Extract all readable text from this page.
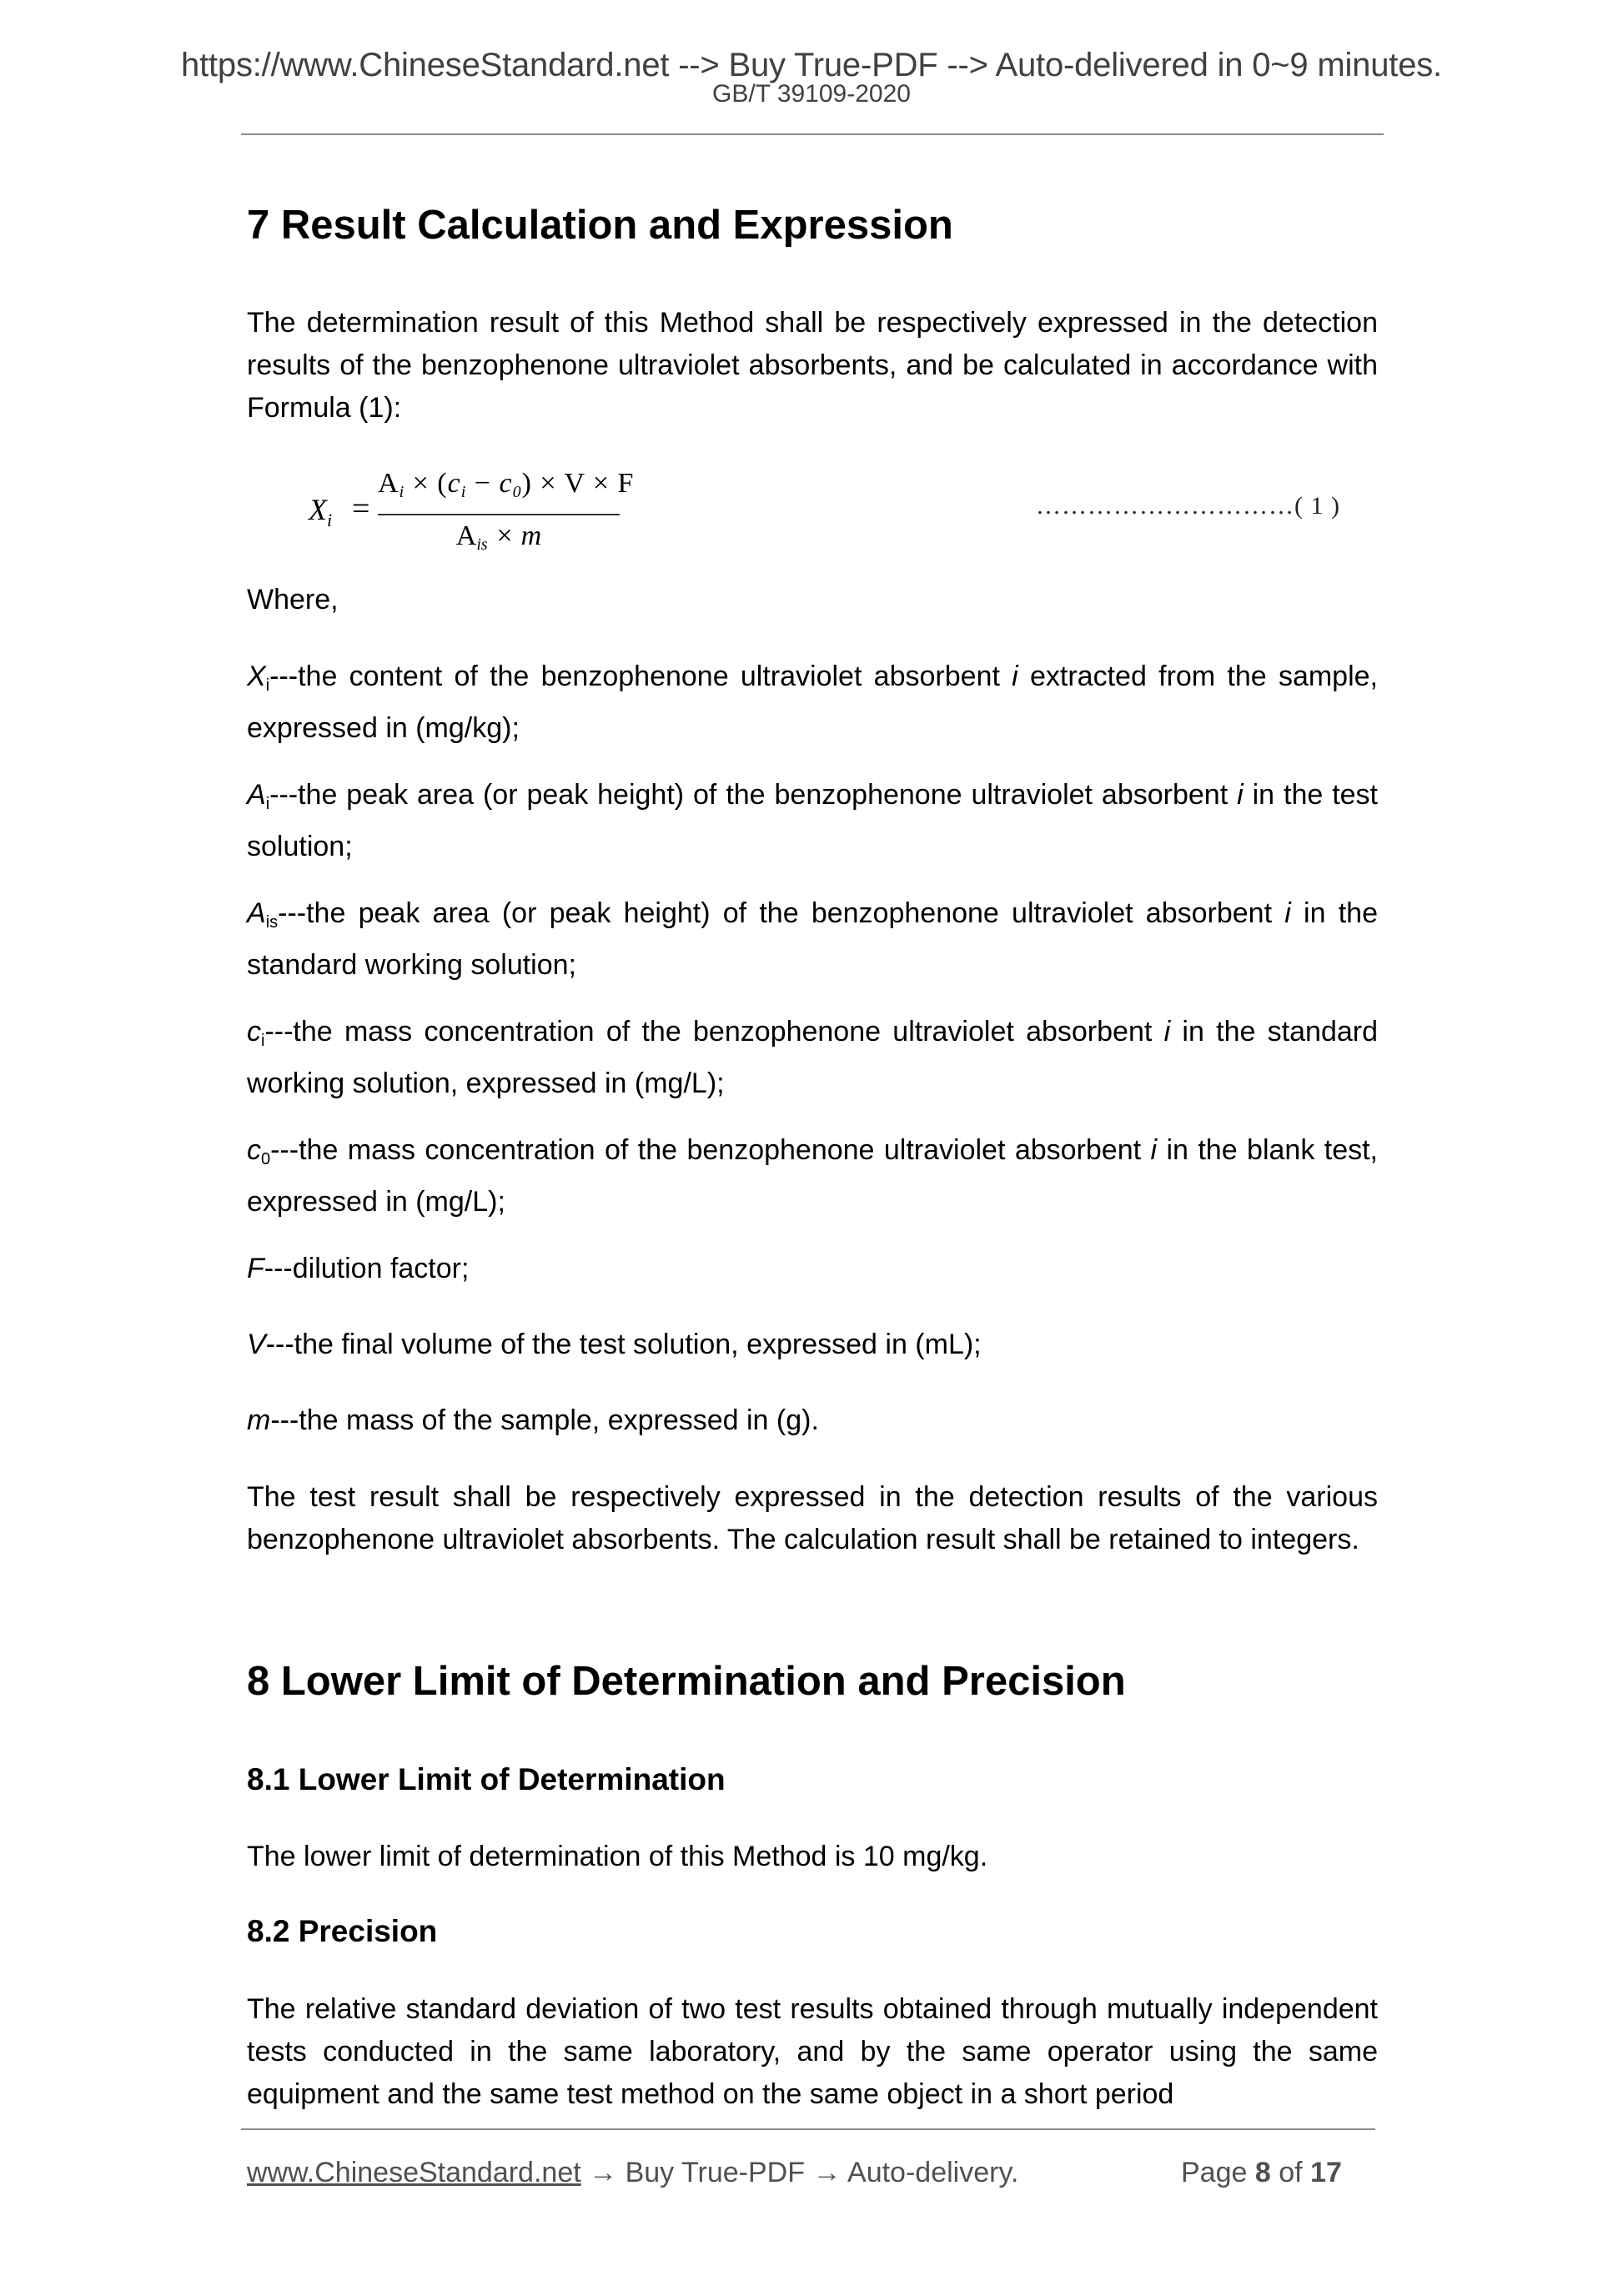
https://www.ChineseStandard.net --> Buy True-PDF --> Auto-delivered in 0~9 minutes.
GB/T 39109-2020
7 Result Calculation and Expression
The determination result of this Method shall be respectively expressed in the detection results of the benzophenone ultraviolet absorbents, and be calculated in accordance with Formula (1):
Where,
$X_i--$-the content of the benzophenone ultraviolet absorbent i extracted from the sample, expressed in (mg/kg);
$A_i--$-the peak area (or peak height) of the benzophenone ultraviolet absorbent i in the test solution;
$A_{is}--$-the peak area (or peak height) of the benzophenone ultraviolet absorbent i in the standard working solution;
$c_i--$-the mass concentration of the benzophenone ultraviolet absorbent i in the standard working solution, expressed in (mg/L);
$c_0--$-the mass concentration of the benzophenone ultraviolet absorbent i in the blank test, expressed in (mg/L);
F---dilution factor;
V---the final volume of the test solution, expressed in (mL);
m---the mass of the sample, expressed in (g).
The test result shall be respectively expressed in the detection results of the various benzophenone ultraviolet absorbents. The calculation result shall be retained to integers.
8 Lower Limit of Determination and Precision
8.1 Lower Limit of Determination
The lower limit of determination of this Method is 10 mg/kg.
8.2 Precision
The relative standard deviation of two test results obtained through mutually independent tests conducted in the same laboratory, and by the same operator using the same equipment and the same test method on the same object in a short period
$X_i$ =
Ai × (ci − c0) × V × F
Ais × m
…………………………( 1 )
www.ChineseStandard.net → Buy True-PDF → Auto-delivery.	Page 8 of 17
